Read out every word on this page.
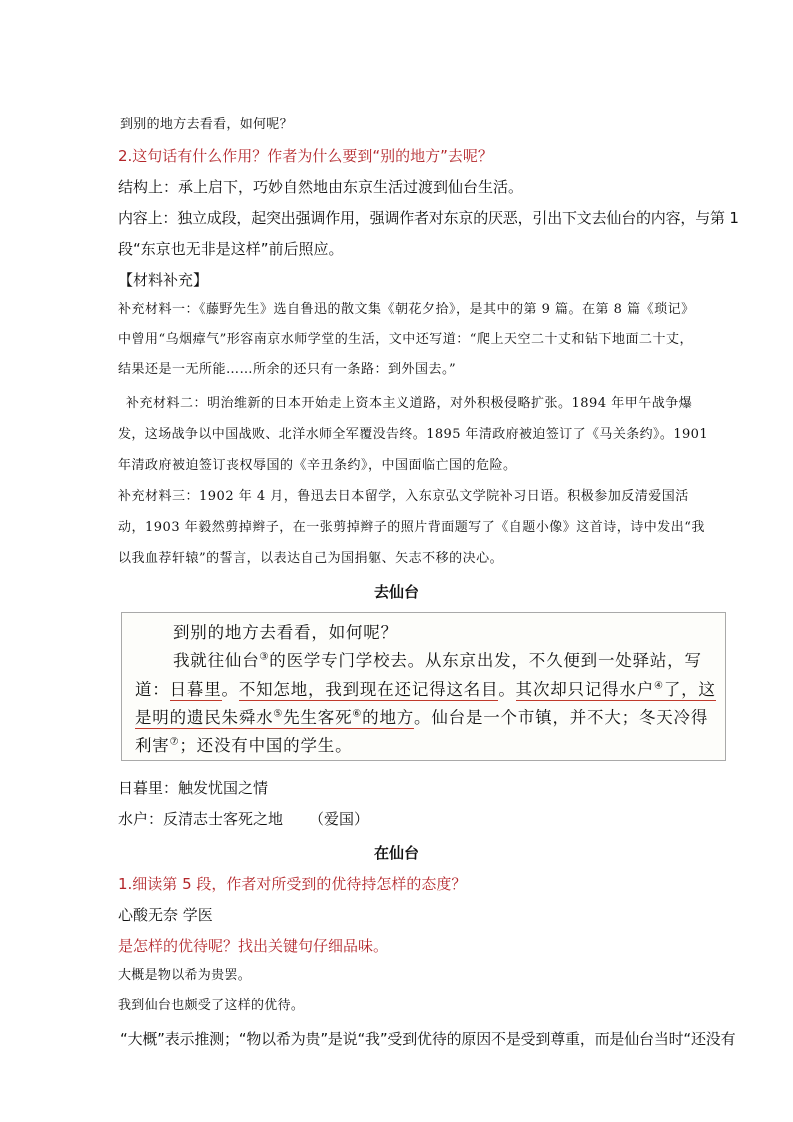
到别的地方去看看，如何呢？
2.这句话有什么作用？作者为什么要到“别的地方”去呢？
结构上：承上启下，巧妙自然地由东京生活过渡到仙台生活。
内容上：独立成段，起突出强调作用，强调作者对东京的厌恶，引出下文去仙台的内容，与第 1
段“东京也无非是这样”前后照应。
【材料补充】
补充材料一：《藤野先生》选自鲁迅的散文集《朝花夕拾》，是其中的第 9 篇。在第 8 篇《琐记》
中曾用“乌烟瘴气”形容南京水师学堂的生活，文中还写道：“爬上天空二十丈和钻下地面二十丈，
结果还是一无所能……所余的还只有一条路：到外国去。”
补充材料二：明治维新的日本开始走上资本主义道路，对外积极侵略扩张。1894 年甲午战争爆
发，这场战争以中国战败、北洋水师全军覆没告终。1895 年清政府被迫签订了《马关条约》。1901
年清政府被迫签订丧权辱国的《辛丑条约》，中国面临亡国的危险。
补充材料三：1902 年 4 月，鲁迅去日本留学，入东京弘文学院补习日语。积极参加反清爱国活
动，1903 年毅然剪掉辫子，在一张剪掉辫子的照片背面题写了《自题小像》这首诗，诗中发出“我
以我血荐轩辕”的誓言，以表达自己为国捐躯、矢志不移的决心。
去仙台
到别的地方去看看，如何呢？
我就往仙台③的医学专门学校去。从东京出发，不久便到一处驿站，写
道：日暮里。不知怎地，我到现在还记得这名目。其次却只记得水户④了，这
是明的遗民朱舜水⑤先生客死⑥的地方。仙台是一个市镇，并不大；冬天冷得
利害⑦；还没有中国的学生。
日暮里：触发忧国之情
水户：反清志士客死之地 （爱国）
在仙台
1.细读第 5 段，作者对所受到的优待持怎样的态度？
心酸无奈 学医
是怎样的优待呢？找出关键句仔细品味。
大概是物以希为贵罢。
我到仙台也颇受了这样的优待。
“大概”表示推测；“物以希为贵”是说“我”受到优待的原因不是受到尊重，而是仙台当时“还没有
